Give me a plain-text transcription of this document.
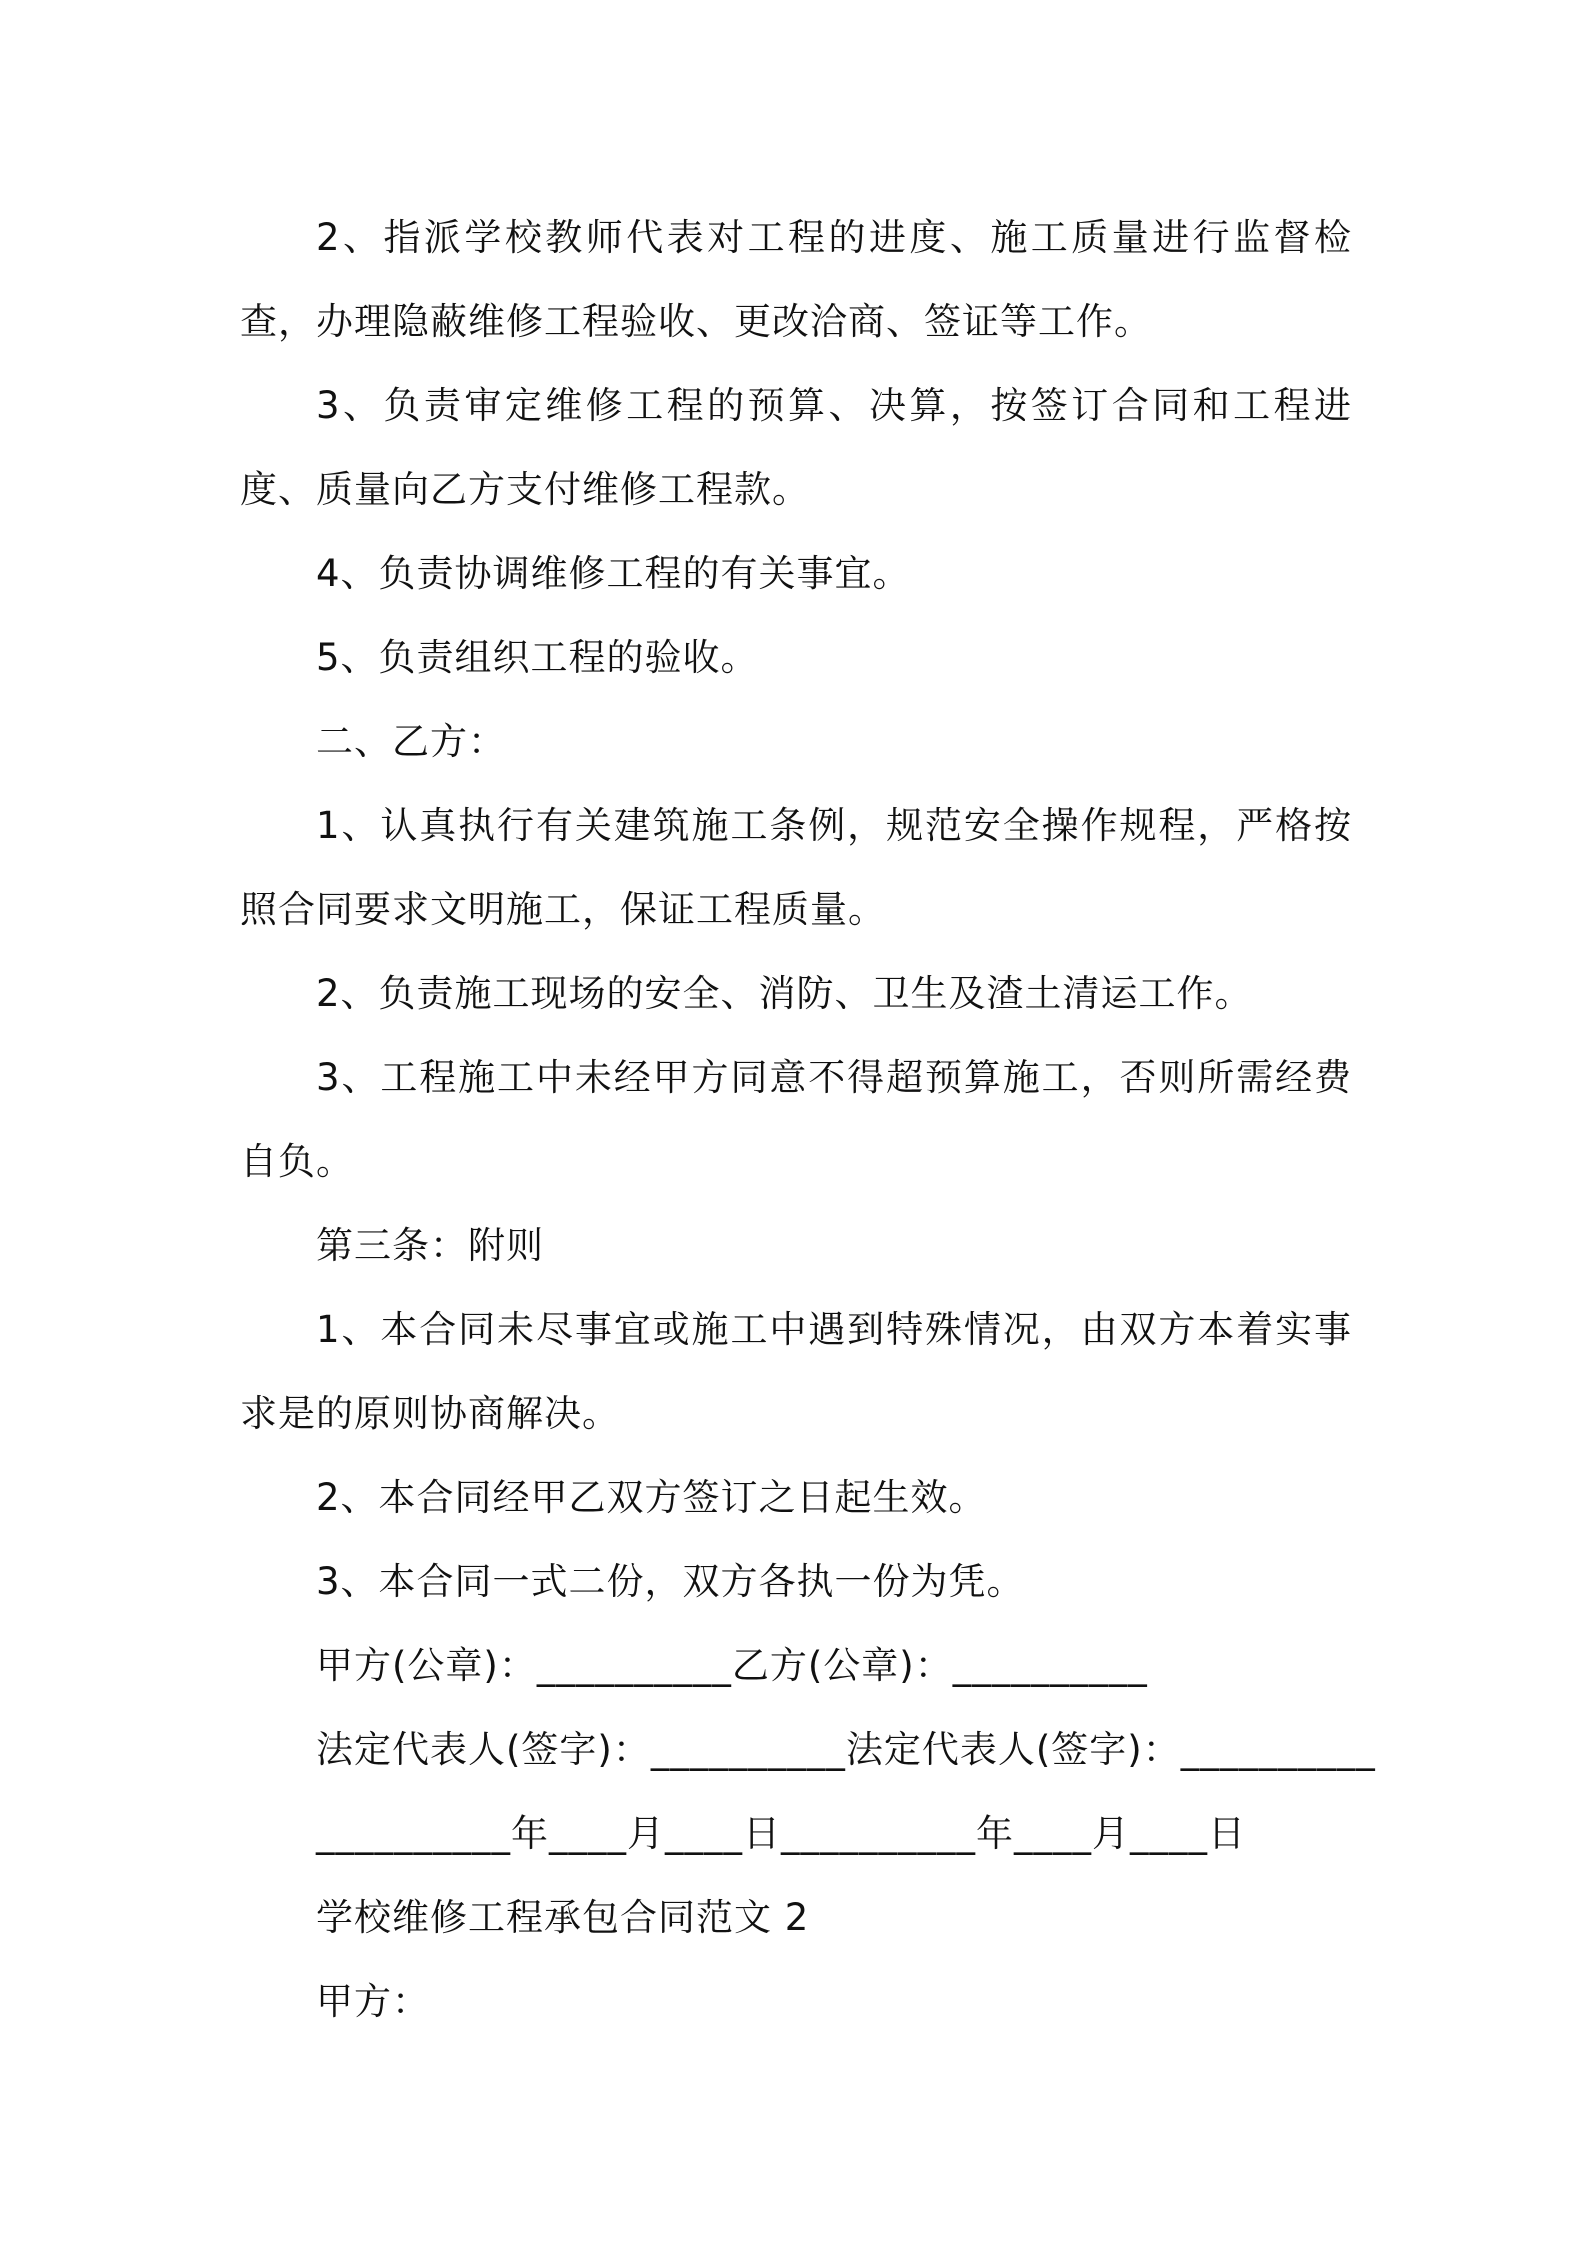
2、指派学校教师代表对工程的进度、施工质量进行监督检查，办理隐蔽维修工程验收、更改洽商、签证等工作。

3、负责审定维修工程的预算、决算，按签订合同和工程进度、质量向乙方支付维修工程款。

4、负责协调维修工程的有关事宜。

5、负责组织工程的验收。

二、乙方：

1、认真执行有关建筑施工条例，规范安全操作规程，严格按照合同要求文明施工，保证工程质量。

2、负责施工现场的安全、消防、卫生及渣土清运工作。

3、工程施工中未经甲方同意不得超预算施工，否则所需经费自负。

第三条：附则

1、本合同未尽事宜或施工中遇到特殊情况，由双方本着实事求是的原则协商解决。

2、本合同经甲乙双方签订之日起生效。

3、本合同一式二份，双方各执一份为凭。

甲方(公章)：__________乙方(公章)：__________

法定代表人(签字)：__________法定代表人(签字)：__________

__________年____月____日__________年____月____日

学校维修工程承包合同范文 2

甲方：
